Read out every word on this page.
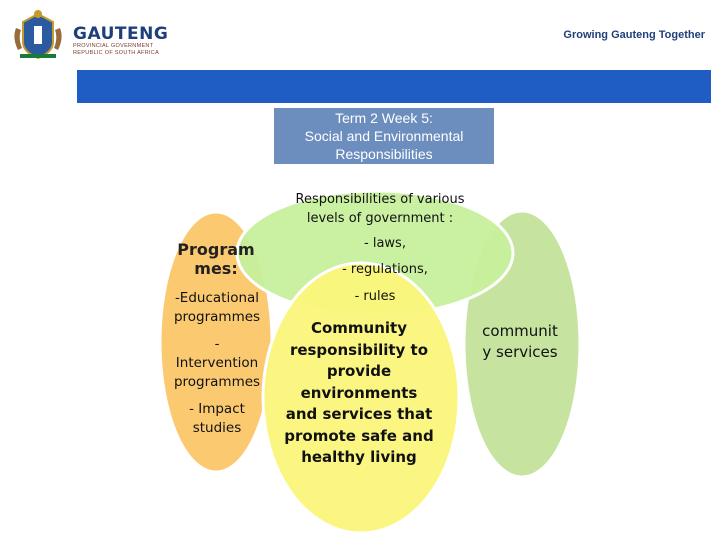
GAUTENG
PROVINCIAL GOVERNMENT
REPUBLIC OF SOUTH AFRICA
Growing Gauteng Together
Term 2 Week 5:
Social and Environmental
Responsibilities
Responsibilities of various
levels of government :
- laws,
- regulations,
- rules
Program
mes:
-Educational
programmes
-
Intervention
programmes
- Impact
studies
Community
responsibility to
provide
environments
and services that
promote safe and
healthy living
communit
y services
